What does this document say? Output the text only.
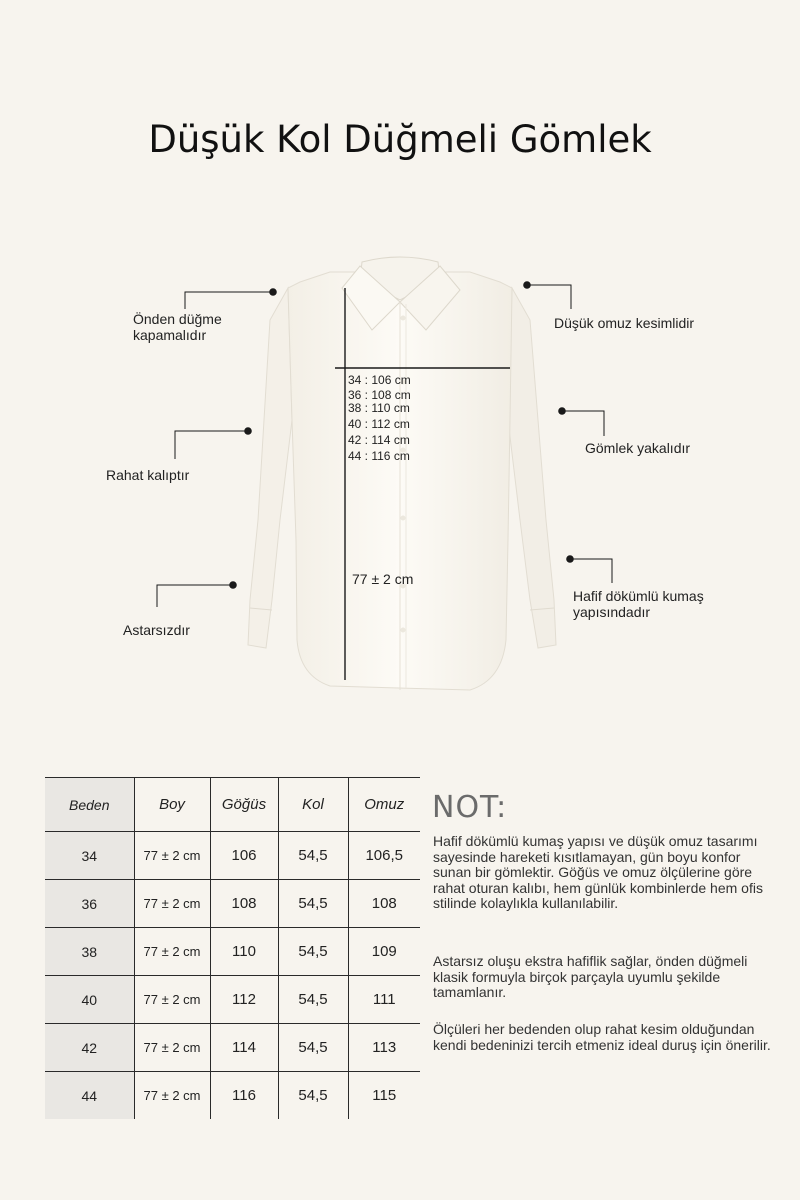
Düşük Kol Düğmeli Gömlek
Önden düğme
kapamalıdır
Rahat kalıptır
Astarsızdır
Düşük omuz kesimlidir
Gömlek yakalıdır
Hafif dökümlü kumaş
yapısındadır
34 : 106 cm
36 : 108 cm
38 : 110 cm
40 : 112 cm
42 : 114 cm
44 : 116 cm
77 ± 2 cm
Beden	Boy	Göğüs	Kol	Omuz
34	77 ± 2 cm	106	54,5	106,5
36	77 ± 2 cm	108	54,5	108
38	77 ± 2 cm	110	54,5	109
40	77 ± 2 cm	112	54,5	111
42	77 ± 2 cm	114	54,5	113
44	77 ± 2 cm	116	54,5	115
NOT:

Hafif dökümlü kumaş yapısı ve düşük omuz tasarımı sayesinde hareketi kısıtlamayan, gün boyu konfor sunan bir gömlektir. Göğüs ve omuz ölçülerine göre rahat oturan kalıbı, hem günlük kombinlerde hem ofis stilinde kolaylıkla kullanılabilir.

Astarsız oluşu ekstra hafiflik sağlar, önden düğmeli klasik formuyla birçok parçayla uyumlu şekilde tamamlanır.

Ölçüleri her bedenden olup rahat kesim olduğundan kendi bedeninizi tercih etmeniz ideal duruş için önerilir.
